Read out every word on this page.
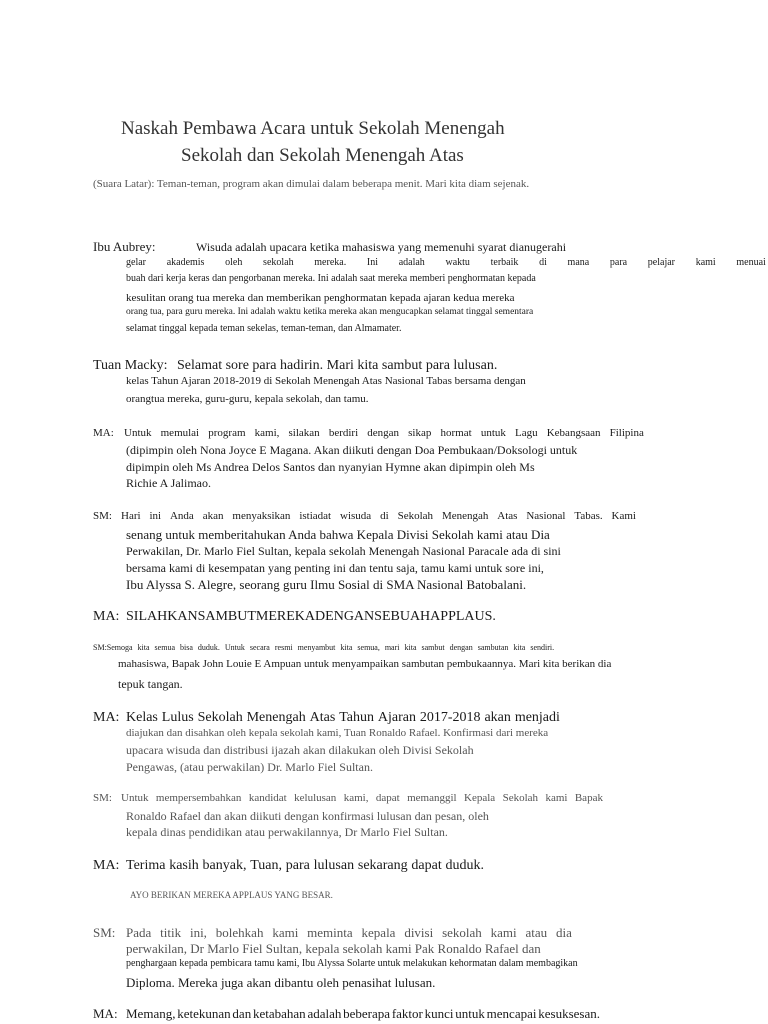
Naskah Pembawa Acara untuk Sekolah Menengah
Sekolah dan Sekolah Menengah Atas
(Suara Latar): Teman-teman, program akan dimulai dalam beberapa menit. Mari kita diam sejenak.
Ibu Aubrey:	Wisuda adalah upacara ketika mahasiswa yang memenuhi syarat dianugerahi
gelar akademis oleh sekolah mereka. Ini adalah waktu terbaik di mana para pelajar kami menuai
buah dari kerja keras dan pengorbanan mereka. Ini adalah saat mereka memberi penghormatan kepada
kesulitan orang tua mereka dan memberikan penghormatan kepada ajaran kedua mereka
orang tua, para guru mereka. Ini adalah waktu ketika mereka akan mengucapkan selamat tinggal sementara
selamat tinggal kepada teman sekelas, teman-teman, dan Almamater.
Tuan Macky: Selamat sore para hadirin. Mari kita sambut para lulusan.
kelas Tahun Ajaran 2018-2019 di Sekolah Menengah Atas Nasional Tabas bersama dengan
orangtua mereka, guru-guru, kepala sekolah, dan tamu.
MA: Untuk memulai program kami, silakan berdiri dengan sikap hormat untuk Lagu Kebangsaan Filipina
(dipimpin oleh Nona Joyce E Magana. Akan diikuti dengan Doa Pembukaan/Doksologi untuk
dipimpin oleh Ms Andrea Delos Santos dan nyanyian Hymne akan dipimpin oleh Ms
Richie A Jalimao.
SM: Hari ini Anda akan menyaksikan istiadat wisuda di Sekolah Menengah Atas Nasional Tabas. Kami
senang untuk memberitahukan Anda bahwa Kepala Divisi Sekolah kami atau Dia
Perwakilan, Dr. Marlo Fiel Sultan, kepala sekolah Menengah Nasional Paracale ada di sini
bersama kami di kesempatan yang penting ini dan tentu saja, tamu kami untuk sore ini,
Ibu Alyssa S. Alegre, seorang guru Ilmu Sosial di SMA Nasional Batobalani.
MA: SILAHKAN SAMBUT MEREKA DENGAN SEBUAH APPLAUS.
SM:Semoga kita semua bisa duduk. Untuk secara resmi menyambut kita semua, mari kita sambut dengan sambutan kita sendiri.
mahasiswa, Bapak John Louie E Ampuan untuk menyampaikan sambutan pembukaannya. Mari kita berikan dia
tepuk tangan.
MA: Kelas Lulus Sekolah Menengah Atas Tahun Ajaran 2017-2018 akan menjadi
diajukan dan disahkan oleh kepala sekolah kami, Tuan Ronaldo Rafael. Konfirmasi dari mereka
upacara wisuda dan distribusi ijazah akan dilakukan oleh Divisi Sekolah
Pengawas, (atau perwakilan) Dr. Marlo Fiel Sultan.
SM: Untuk mempersembahkan kandidat kelulusan kami, dapat memanggil Kepala Sekolah kami Bapak
Ronaldo Rafael dan akan diikuti dengan konfirmasi lulusan dan pesan, oleh
kepala dinas pendidikan atau perwakilannya, Dr Marlo Fiel Sultan.
MA: Terima kasih banyak, Tuan, para lulusan sekarang dapat duduk.
AYO BERIKAN MEREKA APPLAUS YANG BESAR.
SM: Pada titik ini, bolehkah kami meminta kepala divisi sekolah kami atau dia
perwakilan, Dr Marlo Fiel Sultan, kepala sekolah kami Pak Ronaldo Rafael dan
penghargaan kepada pembicara tamu kami, Ibu Alyssa Solarte untuk melakukan kehormatan dalam membagikan
Diploma. Mereka juga akan dibantu oleh penasihat lulusan.
MA: Memang, ketekunan dan ketabahan adalah beberapa faktor kunci untuk mencapai kesuksesan.
